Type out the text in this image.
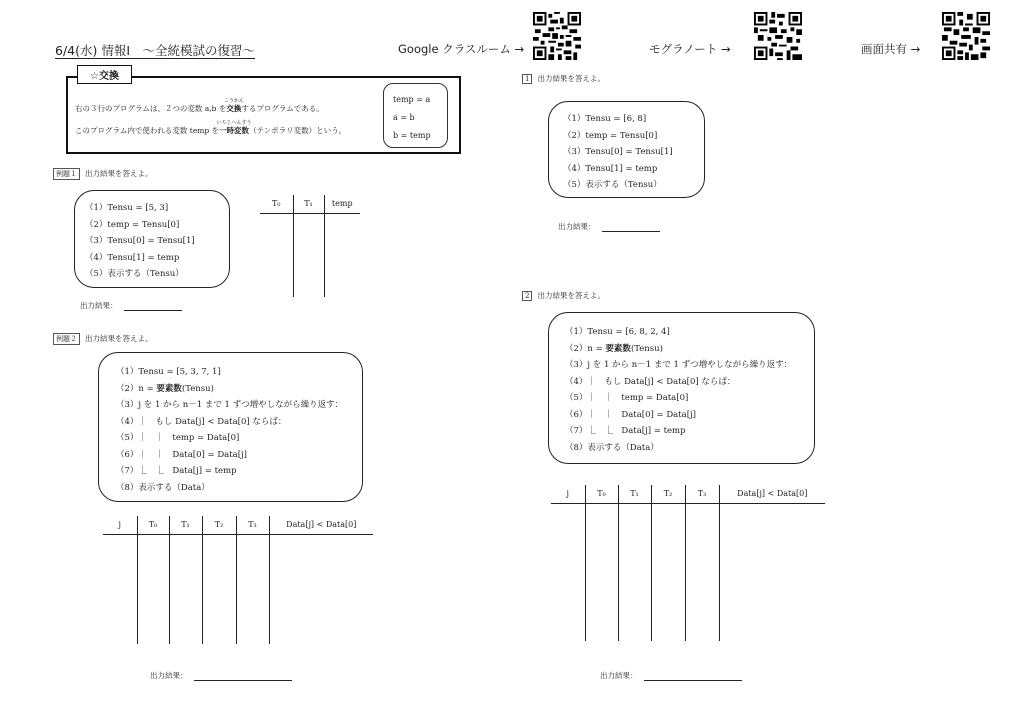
6/4(水) 情報Ⅰ　～全統模試の復習～	Google クラスルーム →	モグラノート →	画面共有 →
☆交換
右の３行のプログラムは、２つの変数 a,b を交換
こうかん
するプログラムである。
このプログラム内で使われる変数 temp を一時変数
いちじへんすう
（テンポラリ変数）という。
temp = a
a = b
b = temp
例題１ 出力結果を答えよ。
（1）Tensu = [5, 3]
（2）temp = Tensu[0]
（3）Tensu[0] = Tensu[1]
（4）Tensu[1] = temp
（5）表示する（Tensu）
T₀	T₁	temp

出力結果：
例題２ 出力結果を答えよ。
（1）Tensu = [5, 3, 7, 1]
（2）n = 要素数(Tensu)
（3）j を 1 から n－1 まで 1 ずつ増やしながら繰り返す：
（4）｜　もし Data[j] < Data[0] ならば：
（5）｜　｜　temp = Data[0]
（6）｜　｜　Data[0] = Data[j]
（7）⎿　⎿　Data[j] = temp
（8）表示する（Data）
j	T₀	T₁	T₂	T₃	Data[j] < Data[0]

出力結果：
1 出力結果を答えよ。
（1）Tensu = [6, 8]
（2）temp = Tensu[0]
（3）Tensu[0] = Tensu[1]
（4）Tensu[1] = temp
（5）表示する（Tensu）
出力結果：
2 出力結果を答えよ。
（1）Tensu = [6, 8, 2, 4]
（2）n = 要素数(Tensu)
（3）j を 1 から n－1 まで 1 ずつ増やしながら繰り返す：
（4）｜　もし Data[j] < Data[0] ならば：
（5）｜　｜　temp = Data[0]
（6）｜　｜　Data[0] = Data[j]
（7）⎿　⎿　Data[j] = temp
（8）表示する（Data）
j	T₀	T₁	T₂	T₃	Data[j] < Data[0]

出力結果：
